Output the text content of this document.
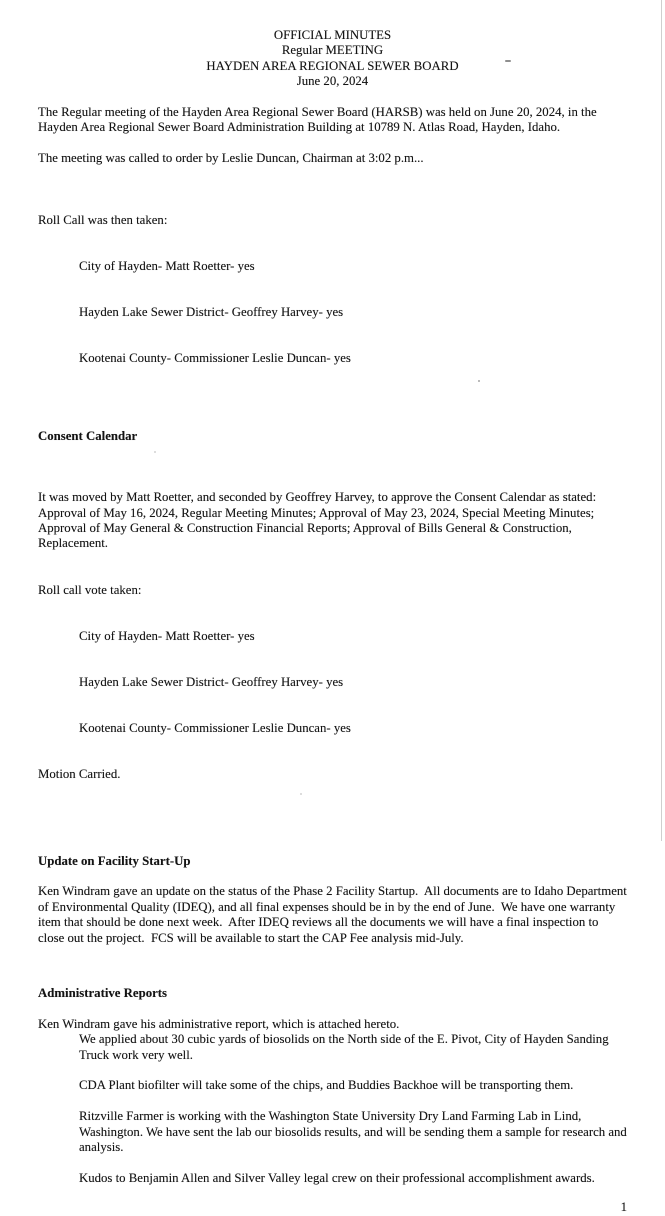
OFFICIAL MINUTES
Regular MEETING
HAYDEN AREA REGIONAL SEWER BOARD
June 20, 2024

The Regular meeting of the Hayden Area Regional Sewer Board (HARSB) was held on June 20, 2024, in the Hayden Area Regional Sewer Board Administration Building at 10789 N. Atlas Road, Hayden, Idaho.

The meeting was called to order by Leslie Duncan, Chairman at 3:02 p.m...

Roll Call was then taken:

City of Hayden- Matt Roetter- yes

Hayden Lake Sewer District- Geoffrey Harvey- yes

Kootenai County- Commissioner Leslie Duncan- yes

Consent Calendar

It was moved by Matt Roetter, and seconded by Geoffrey Harvey, to approve the Consent Calendar as stated: Approval of May 16, 2024, Regular Meeting Minutes; Approval of May 23, 2024, Special Meeting Minutes; Approval of May General & Construction Financial Reports; Approval of Bills General & Construction, Replacement.

Roll call vote taken:

City of Hayden- Matt Roetter- yes

Hayden Lake Sewer District- Geoffrey Harvey- yes

Kootenai County- Commissioner Leslie Duncan- yes

Motion Carried.

Update on Facility Start-Up

Ken Windram gave an update on the status of the Phase 2 Facility Startup.  All documents are to Idaho Department of Environmental Quality (IDEQ), and all final expenses should be in by the end of June.  We have one warranty item that should be done next week.  After IDEQ reviews all the documents we will have a final inspection to close out the project.  FCS will be available to start the CAP Fee analysis mid-July.

Administrative Reports

Ken Windram gave his administrative report, which is attached hereto.

We applied about 30 cubic yards of biosolids on the North side of the E. Pivot, City of Hayden Sanding Truck work very well.

CDA Plant biofilter will take some of the chips, and Buddies Backhoe will be transporting them.

Ritzville Farmer is working with the Washington State University Dry Land Farming Lab in Lind, Washington. We have sent the lab our biosolids results, and will be sending them a sample for research and analysis.

Kudos to Benjamin Allen and Silver Valley legal crew on their professional accomplishment awards.

1
